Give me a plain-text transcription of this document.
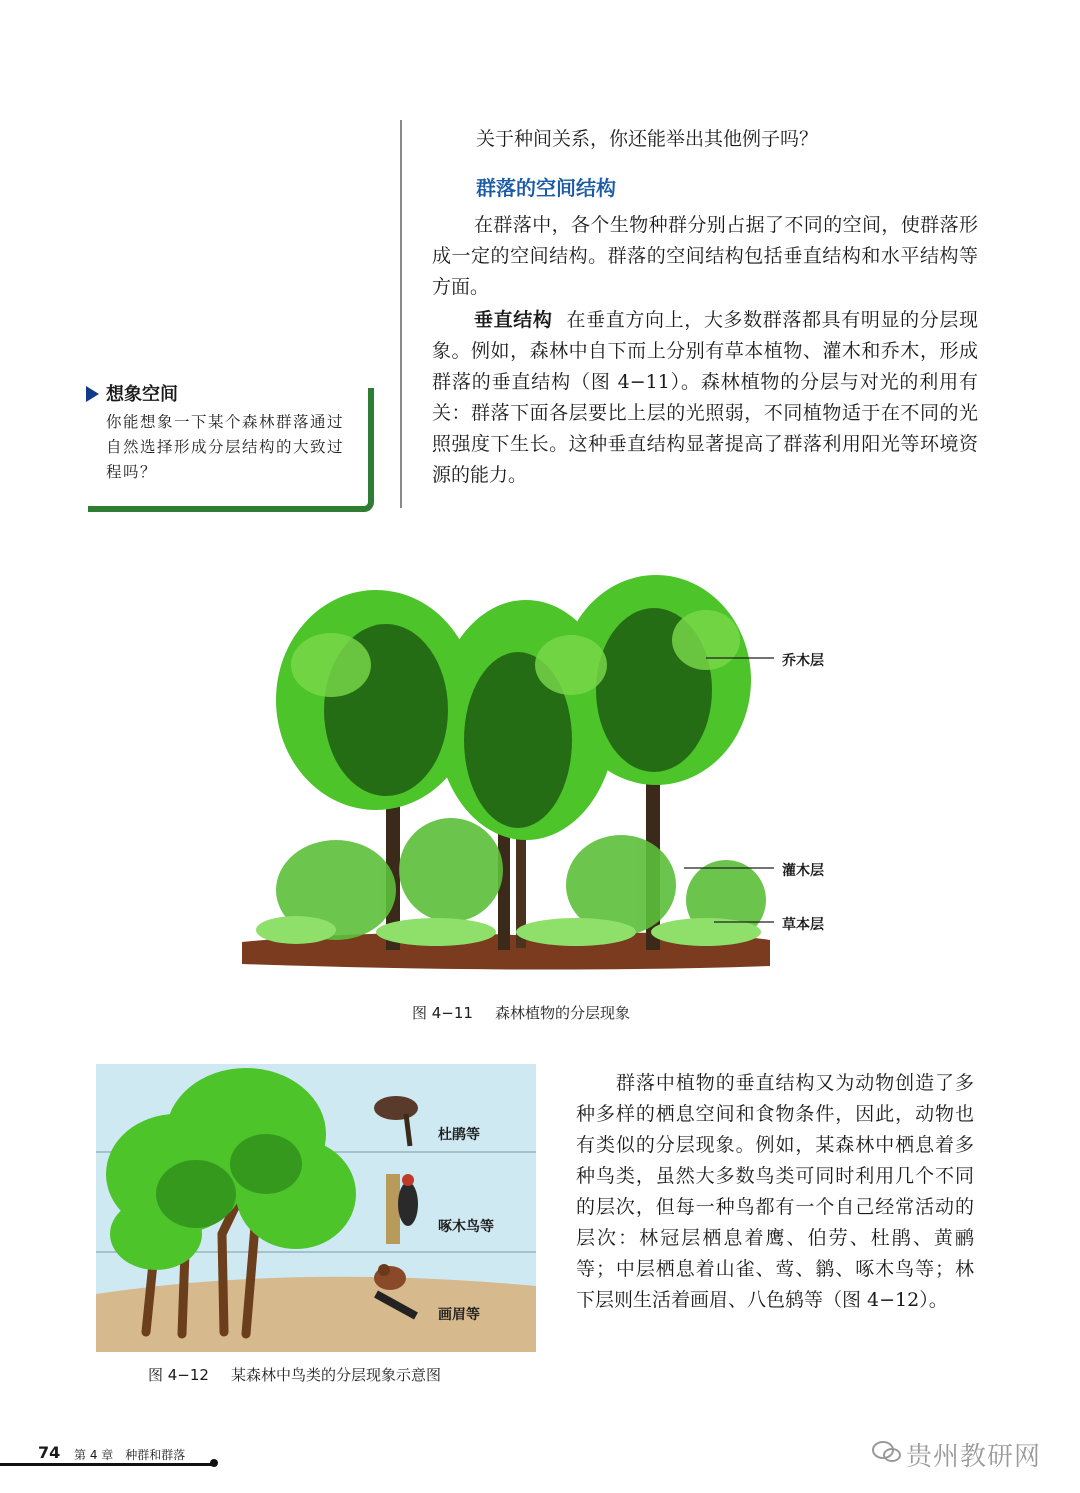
关于种间关系，你还能举出其他例子吗？

群落的空间结构

在群落中，各个生物种群分别占据了不同的空间，使群落形成一定的空间结构。群落的空间结构包括垂直结构和水平结构等方面。

垂直结构 在垂直方向上，大多数群落都具有明显的分层现象。例如，森林中自下而上分别有草本植物、灌木和乔木，形成群落的垂直结构（图 4−11）。森林植物的分层与对光的利用有关：群落下面各层要比上层的光照弱，不同植物适于在不同的光照强度下生长。这种垂直结构显著提高了群落利用阳光等环境资源的能力。

想象空间
你能想象一下某个森林群落通过自然选择形成分层结构的大致过程吗？
乔木层
灌木层
草本层
图 4−11 森林植物的分层现象
杜鹃等
啄木鸟等
画眉等
图 4−12 某森林中鸟类的分层现象示意图

群落中植物的垂直结构又为动物创造了多种多样的栖息空间和食物条件，因此，动物也有类似的分层现象。例如，某森林中栖息着多种鸟类，虽然大多数鸟类可同时利用几个不同的层次，但每一种鸟都有一个自己经常活动的层次：林冠层栖息着鹰、伯劳、杜鹃、黄鹂等；中层栖息着山雀、莺、鹟、啄木鸟等；林下层则生活着画眉、八色鸫等（图 4−12）。

74 第 4 章　种群和群落	贵州教研网
